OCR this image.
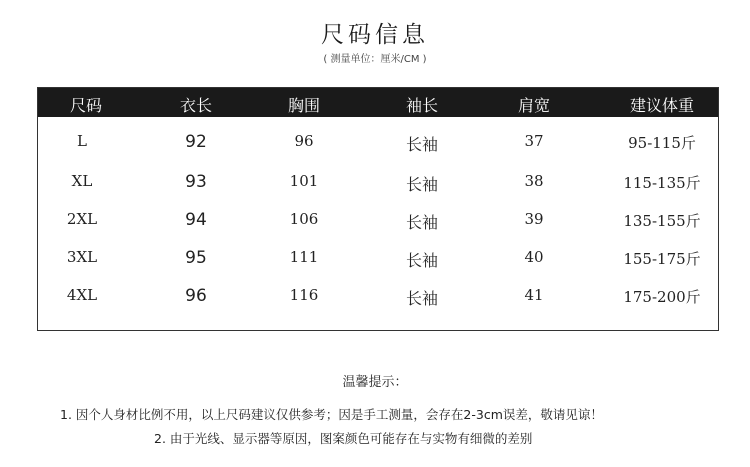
尺码信息
( 测量单位：厘米/CM )
尺码	衣长	胸围	袖长	肩宽	建议体重
L	92	96	长袖	37	95-115斤
XL	93	101	长袖	38	115-135斤
2XL	94	106	长袖	39	135-155斤
3XL	95	111	长袖	40	155-175斤
4XL	96	116	长袖	41	175-200斤
温馨提示：
1. 因个人身材比例不用，以上尺码建议仅供参考；因是手工测量，会存在2-3cm误差，敬请见谅！
2. 由于光线、显示器等原因，图案颜色可能存在与实物有细微的差别
